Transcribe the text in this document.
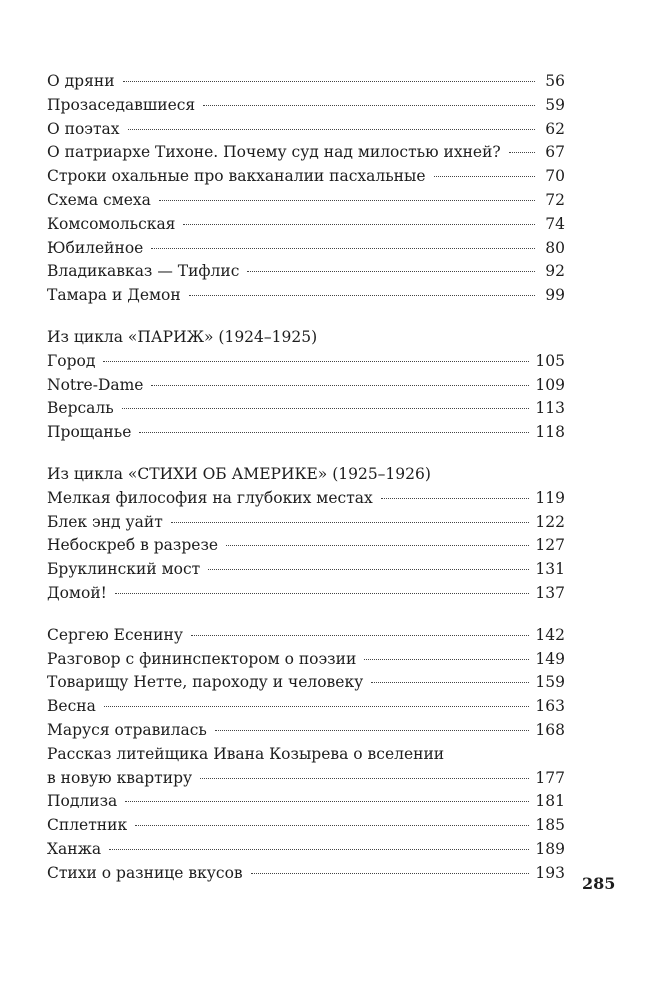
О дряни	56
Прозаседавшиеся	59
О поэтах	62
О патриархе Тихоне. Почему суд над милостью ихней?	67
Строки охальные про вакханалии пасхальные	70
Схема смеха	72
Комсомольская	74
Юбилейное	80
Владикавказ — Тифлис	92
Тамара и Демон	99
Из цикла «ПАРИЖ» (1924–1925)
Город	105
Notre-Dame	109
Версаль	113
Прощанье	118
Из цикла «СТИХИ ОБ АМЕРИКЕ» (1925–1926)
Мелкая философия на глубоких местах	119
Блек энд уайт	122
Небоскреб в разрезе	127
Бруклинский мост	131
Домой!	137
Сергею Есенину	142
Разговор с фининспектором о поэзии	149
Товарищу Нетте, пароходу и человеку	159
Весна	163
Маруся отравилась	168
Рассказ литейщика Ивана Козырева о вселении
в новую квартиру	177
Подлиза	181
Сплетник	185
Ханжа	189
Стихи о разнице вкусов	193
285
